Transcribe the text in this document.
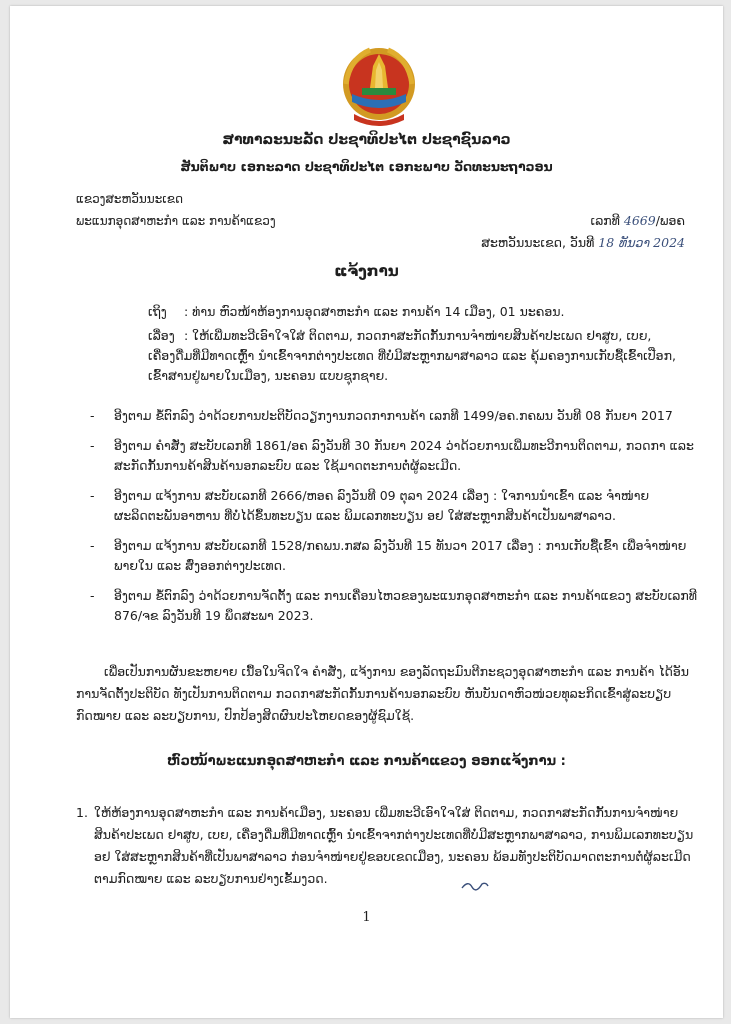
ສາທາລະນະລັດ ປະຊາທິປະໄຕ ປະຊາຊົນລາວ
ສັນຕິພາບ ເອກະລາດ ປະຊາທິປະໄຕ ເອກະພາບ ວັດທະນະຖາວອນ
ແຂວງສະຫວັນນະເຂດ
ພະແນກອຸດສາຫະກຳ ແລະ ການຄ້າແຂວງ	ເລກທີ 4669/ພອຄ
ສະຫວັນນະເຂດ, ວັນທີ 18 ທັນວາ 2024
ແຈ້ງການ
ເຖິງ : ທ່ານ ຫົວໜ້າຫ້ອງການອຸດສາຫະກຳ ແລະ ການຄ້າ 14 ເມືອງ, 01 ນະຄອນ.
ເລື່ອງ : ໃຫ້ເພີ່ມທະວີເອົາໃຈໃສ່ ຕິດຕາມ, ກວດກາສະກັດກັ້ນການຈຳໜ່າຍສິນຄ້າປະເພດ ຢາສູບ, ເບຍ, ເຄື່ອງດື່ມທີ່ມີທາດເຫຼົ້າ ນຳເຂົ້າຈາກຕ່າງປະເທດ ທີ່ບໍ່ມີສະຫຼາກພາສາລາວ ແລະ ຄຸ້ມຄອງການເກັບຊື້ເຂົ້າເປືອກ, ເຂົ້າສານຢູ່ພາຍໃນເມືອງ, ນະຄອນ ແບບຊຸກຊາຍ.
- ອີງຕາມ ຂໍ້ຕົກລົງ ວ່າດ້ວຍການປະຕິບັດວຽກງານກວດກາການຄ້າ ເລກທີ 1499/ອຄ.ກຄພນ ວັນທີ 08 ກັນຍາ 2017
- ອີງຕາມ ຄຳສັ່ງ ສະບັບເລກທີ 1861/ອຄ ລົງວັນທີ 30 ກັນຍາ 2024 ວ່າດ້ວຍການເພີ່ມທະວີການຕິດຕາມ, ກວດກາ ແລະ ສະກັດກັ້ນການຄ້າສິນຄ້ານອກລະບົບ ແລະ ໃຊ້ມາດຕະການຕໍ່ຜູ້ລະເມີດ.
- ອີງຕາມ ແຈ້ງການ ສະບັບເລກທີ 2666/ຫອຄ ລົງວັນທີ 09 ຕຸລາ 2024 ເລື່ອງ : ໃຈການນຳເຂົ້າ ແລະ ຈຳໜ່າຍຜະລິດຕະພັນອາຫານ ທີ່ບໍ່ໄດ້ຂຶ້ນທະບຽນ ແລະ ພິມເລກທະບຽນ ອຢ ໃສ່ສະຫຼາກສິນຄ້າເປັນພາສາລາວ.
- ອີງຕາມ ແຈ້ງການ ສະບັບເລກທີ 1528/ກຄພນ.ກສລ ລົງວັນທີ 15 ທັນວາ 2017 ເລື່ອງ : ການເກັບຊື້ເຂົ້າ ເພື່ອຈຳໜ່າຍພາຍໃນ ແລະ ສົ່ງອອກຕ່າງປະເທດ.
- ອີງຕາມ ຂໍ້ຕົກລົງ ວ່າດ້ວຍການຈັດຕັ້ງ ແລະ ການເຄື່ອນໄຫວຂອງພະແນກອຸດສາຫະກຳ ແລະ ການຄ້າແຂວງ ສະບັບເລກທີ 876/ຈຂ ລົງວັນທີ 19 ພຶດສະພາ 2023.

ເພື່ອເປັນການຜັນຂະຫຍາຍ ເນື້ອໃນຈິດໃຈ ຄຳສັ່ງ, ແຈ້ງການ ຂອງລັດຖະມົນຕີກະຊວງອຸດສາຫະກຳ ແລະ ການຄ້າ ໄດ້ອັນການຈັດຕັ້ງປະຕິບັດ ທັງເປັນການຕິດຕາມ ກວດກາສະກັດກັ້ນການຄ້ານອກລະບົບ ຫັນບັນດາຫົວໜ່ວຍທຸລະກິດເຂົ້າສູ່ລະບຽບກົດໝາຍ ແລະ ລະບຽບການ, ປົກປ້ອງສິດຜົນປະໂຫຍດຂອງຜູ້ຊົມໃຊ້.

ຫົວໜ້າພະແນກອຸດສາຫະກຳ ແລະ ການຄ້າແຂວງ ອອກແຈ້ງການ :

1. ໃຫ້ຫ້ອງການອຸດສາຫະກຳ ແລະ ການຄ້າເມືອງ, ນະຄອນ ເພີ່ມທະວີເອົາໃຈໃສ່ ຕິດຕາມ, ກວດກາສະກັດກັ້ນການຈຳໜ່າຍສິນຄ້າປະເພດ ຢາສູບ, ເບຍ, ເຄື່ອງດື່ມທີ່ມີທາດເຫຼົ້າ ນຳເຂົ້າຈາກຕ່າງປະເທດທີ່ບໍ່ມີສະຫຼາກພາສາລາວ, ການພິມເລກທະບຽນ ອຢ ໃສ່ສະຫຼາກສິນຄ້າທີ່ເປັນພາສາລາວ ກ່ອນຈຳໜ່າຍຢູ່ຂອບເຂດເມືອງ, ນະຄອນ ພ້ອມທັງປະຕິບັດມາດຕະການຕໍ່ຜູ້ລະເມີດຕາມກົດໝາຍ ແລະ ລະບຽບການຢ່າງເຂັ້ມງວດ.

1
